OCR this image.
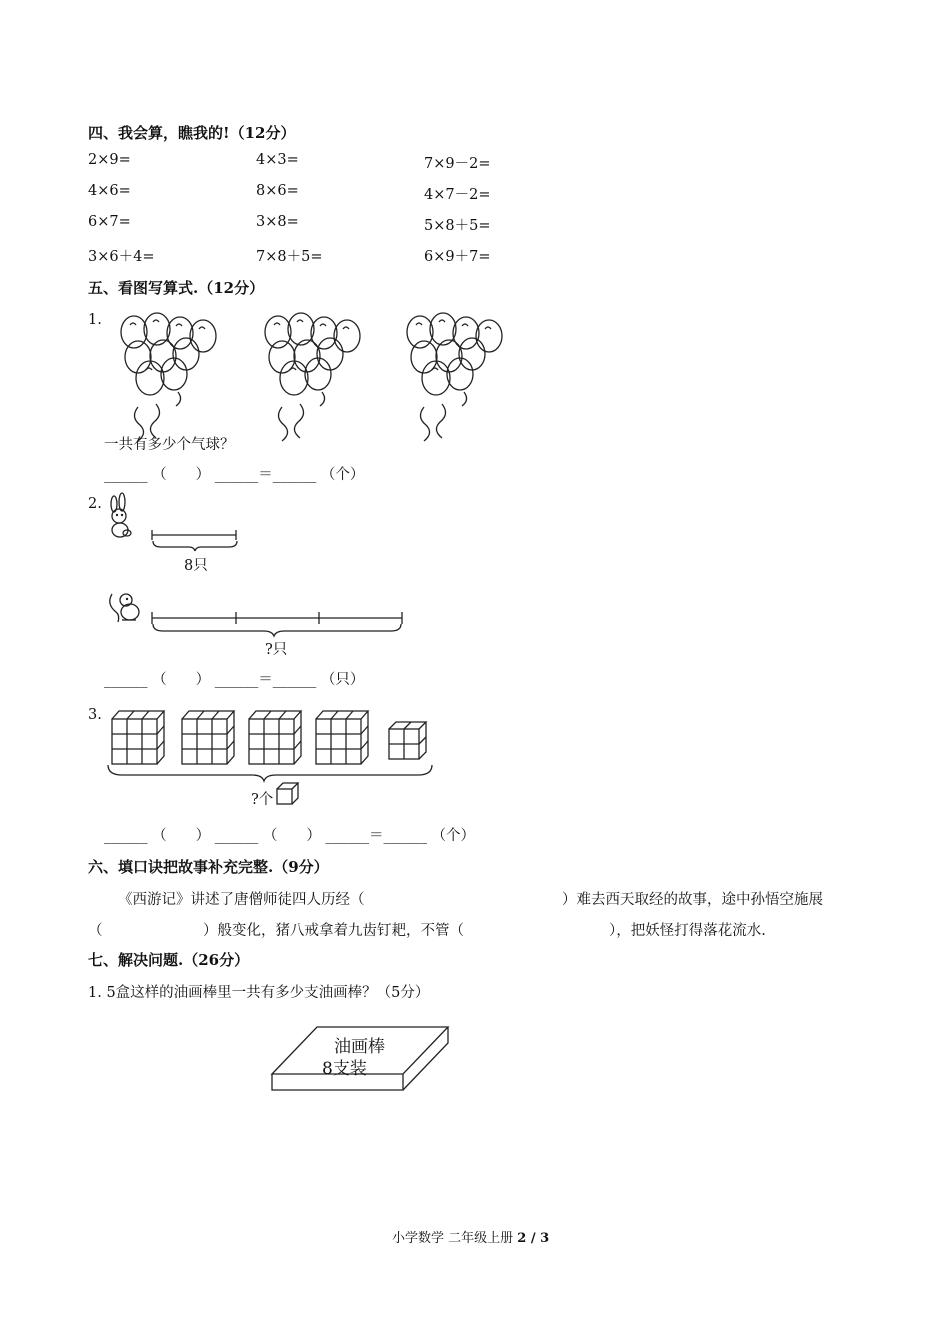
四、我会算，瞧我的!（12分）
2×9=	4×3=	7×9－2=
4×6=	8×6=	4×7－2=
6×7=	3×8=	5×8＋5=
3×6＋4=	7×8＋5=	6×9＋7=
五、看图写算式.（12分）
1.
一共有多少个气球？
______ （　　） ______＝______ （个）
2.
8只
?只
______ （　　） ______＝______ （只）
3.
?个
______ （　　） ______ （　　） ______＝______ （个）
六、填口诀把故事补充完整.（9分）
《西游记》讲述了唐僧师徒四人历经（	）难去西天取经的故事，途中孙悟空施展
（	）般变化，猪八戒拿着九齿钉耙，不管（	），把妖怪打得落花流水.
七、解决问题.（26分）
1. 5盒这样的油画棒里一共有多少支油画棒？（5分）
油画棒
8支装
小学数学 二年级上册 2 / 3
